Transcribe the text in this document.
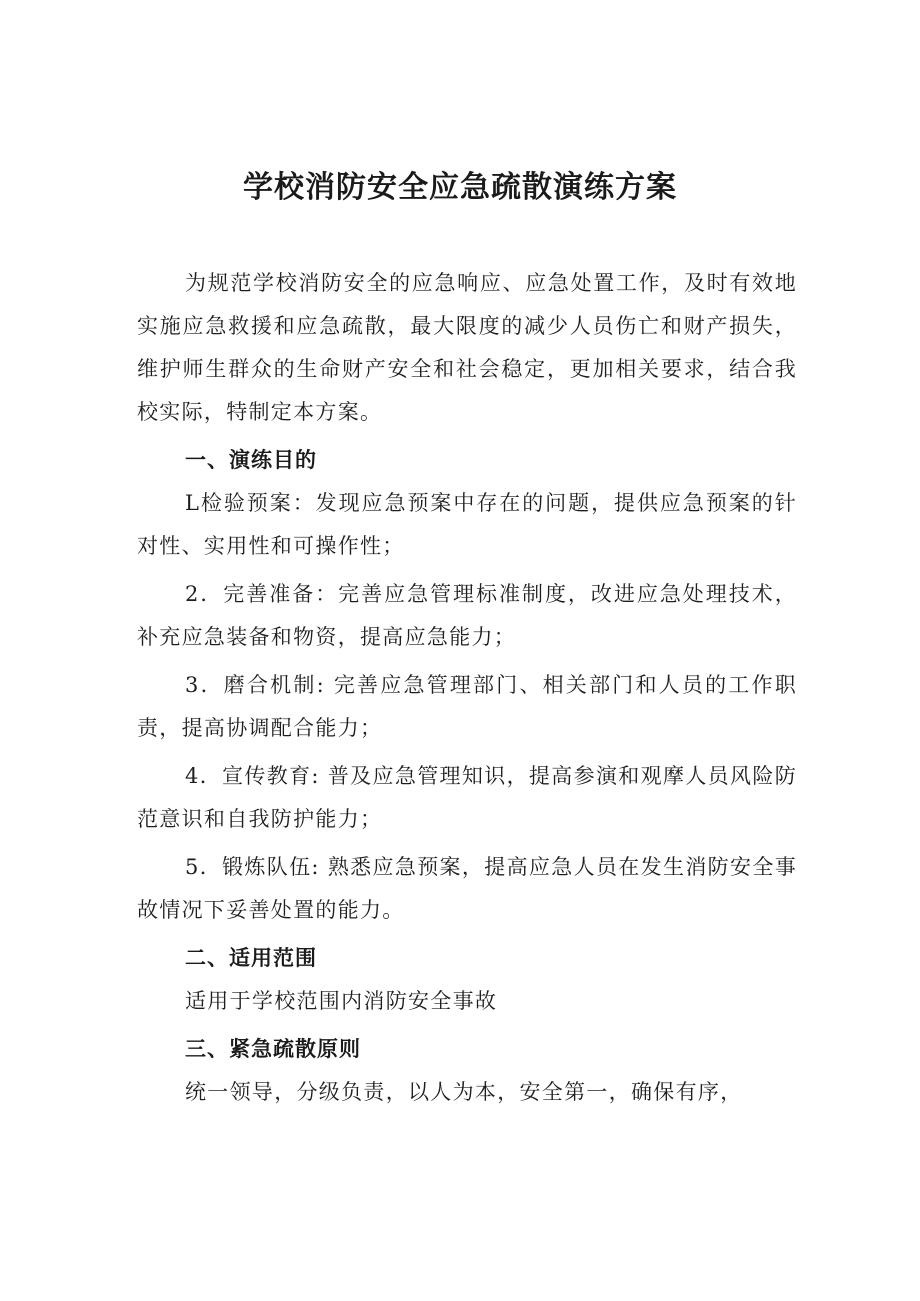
学校消防安全应急疏散演练方案

为规范学校消防安全的应急响应、应急处置工作，及时有效地实施应急救援和应急疏散，最大限度的减少人员伤亡和财产损失，维护师生群众的生命财产安全和社会稳定，更加相关要求，结合我校实际，特制定本方案。

一、演练目的

L检验预案：发现应急预案中存在的问题，提供应急预案的针对性、实用性和可操作性；

2．完善准备：完善应急管理标准制度，改进应急处理技术，补充应急装备和物资，提高应急能力；

3．磨合机制: 完善应急管理部门、相关部门和人员的工作职责，提高协调配合能力；

4．宣传教育: 普及应急管理知识，提高参演和观摩人员风险防范意识和自我防护能力；

5．锻炼队伍: 熟悉应急预案，提高应急人员在发生消防安全事故情况下妥善处置的能力。

二、适用范围

适用于学校范围内消防安全事故

三、紧急疏散原则

统一领导，分级负责，以人为本，安全第一，确保有序，
